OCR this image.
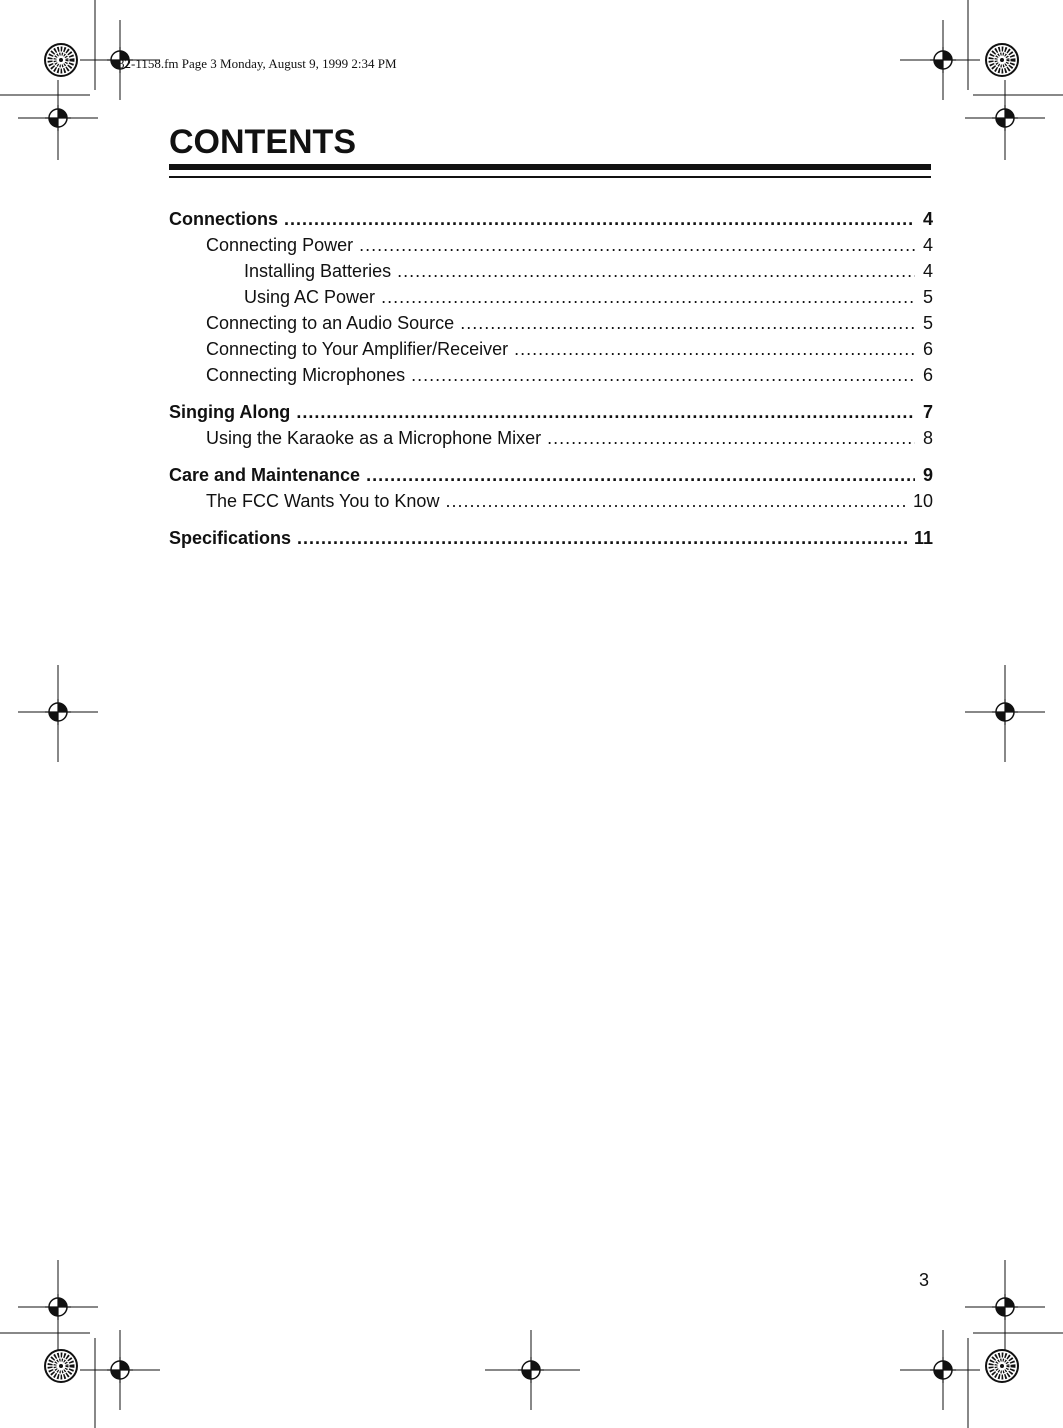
32-1158.fm Page 3 Monday, August 9, 1999 2:34 PM
CONTENTS
Connections .....	4
Connecting Power .....	4
Installing Batteries .....	4
Using AC Power .....	5
Connecting to an Audio Source .....	5
Connecting to Your Amplifier/Receiver .....	6
Connecting Microphones .....	6
Singing Along .....	7
Using the Karaoke as a Microphone Mixer .....	8
Care and Maintenance .....	9
The FCC Wants You to Know .....	10
Specifications .....	11
3
